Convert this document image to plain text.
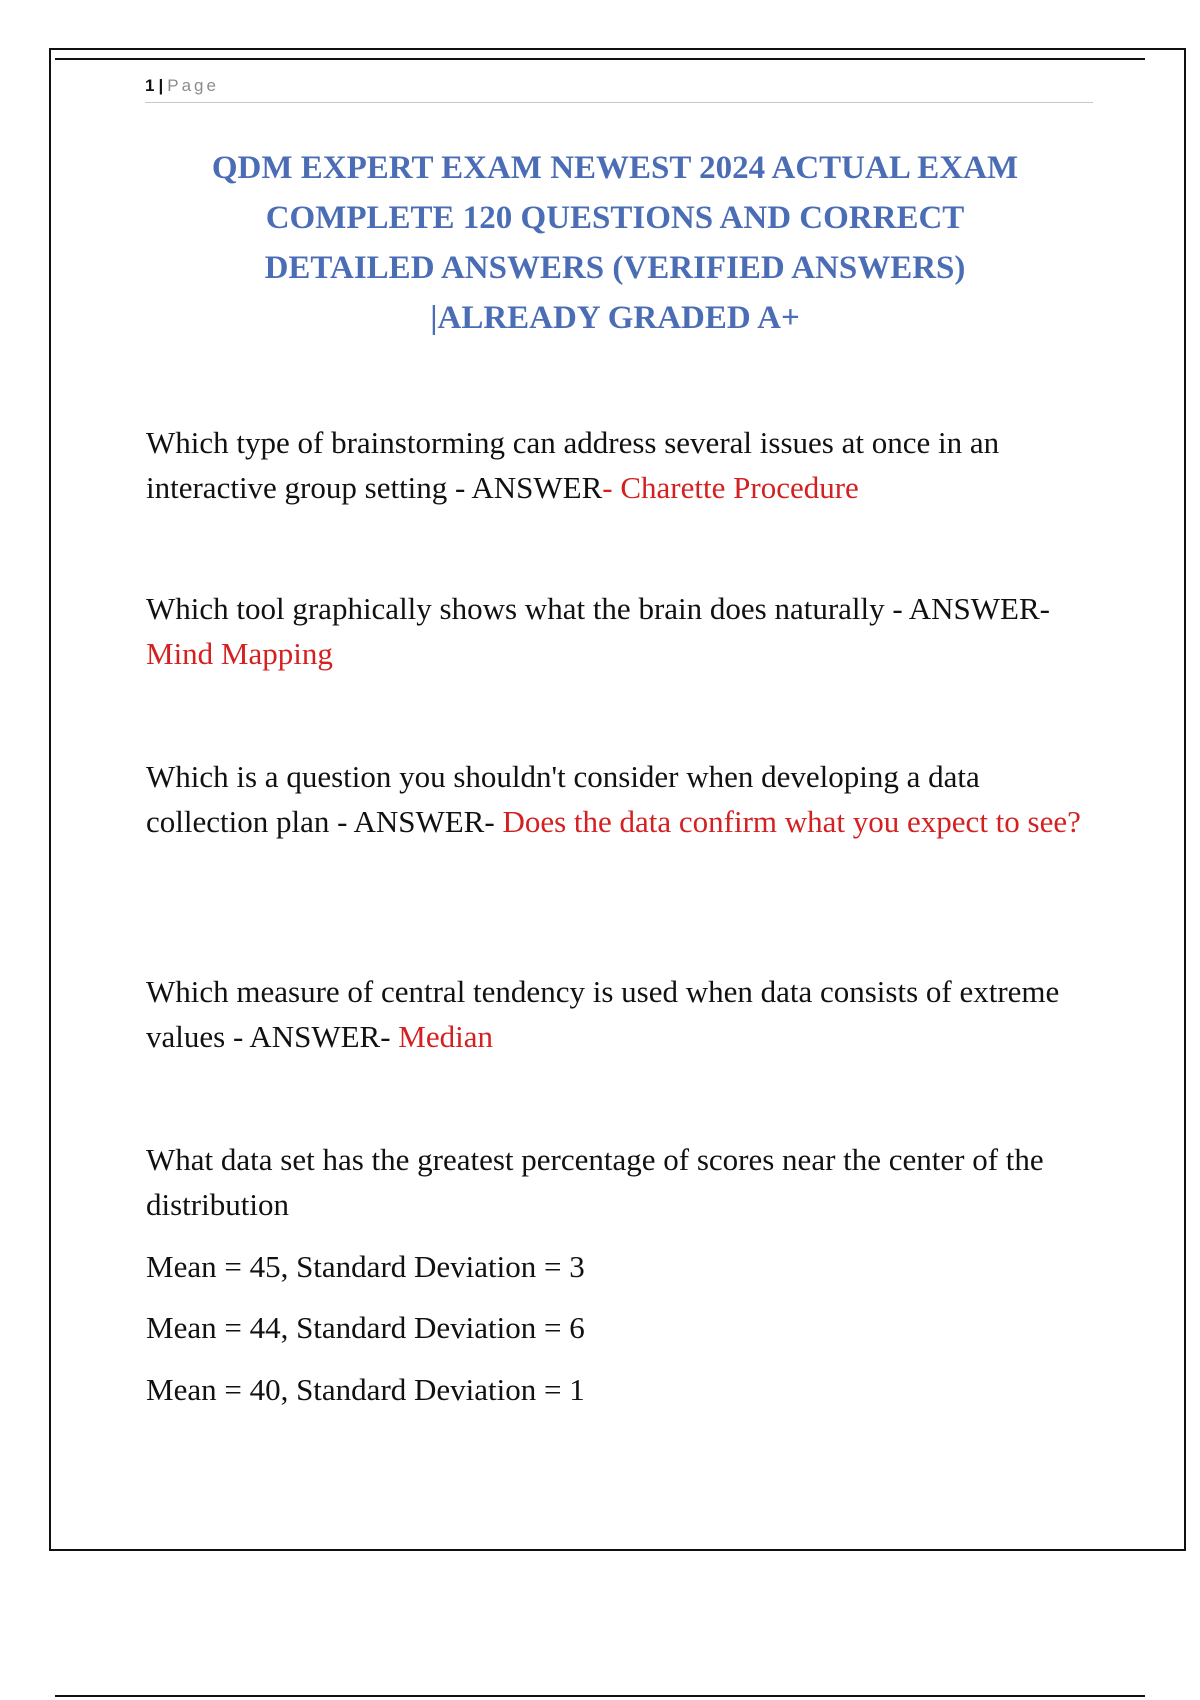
1 | Page
QDM EXPERT EXAM NEWEST 2024 ACTUAL EXAM
COMPLETE 120 QUESTIONS AND CORRECT
DETAILED ANSWERS (VERIFIED ANSWERS)
|ALREADY GRADED A+

Which type of brainstorming can address several issues at once in an interactive group setting - ANSWER- Charette Procedure

Which tool graphically shows what the brain does naturally - ANSWER- Mind Mapping

Which is a question you shouldn't consider when developing a data collection plan - ANSWER- Does the data confirm what you expect to see?

Which measure of central tendency is used when data consists of extreme values - ANSWER- Median

What data set has the greatest percentage of scores near the center of the distribution

Mean = 45, Standard Deviation = 3

Mean = 44, Standard Deviation = 6

Mean = 40, Standard Deviation = 1
